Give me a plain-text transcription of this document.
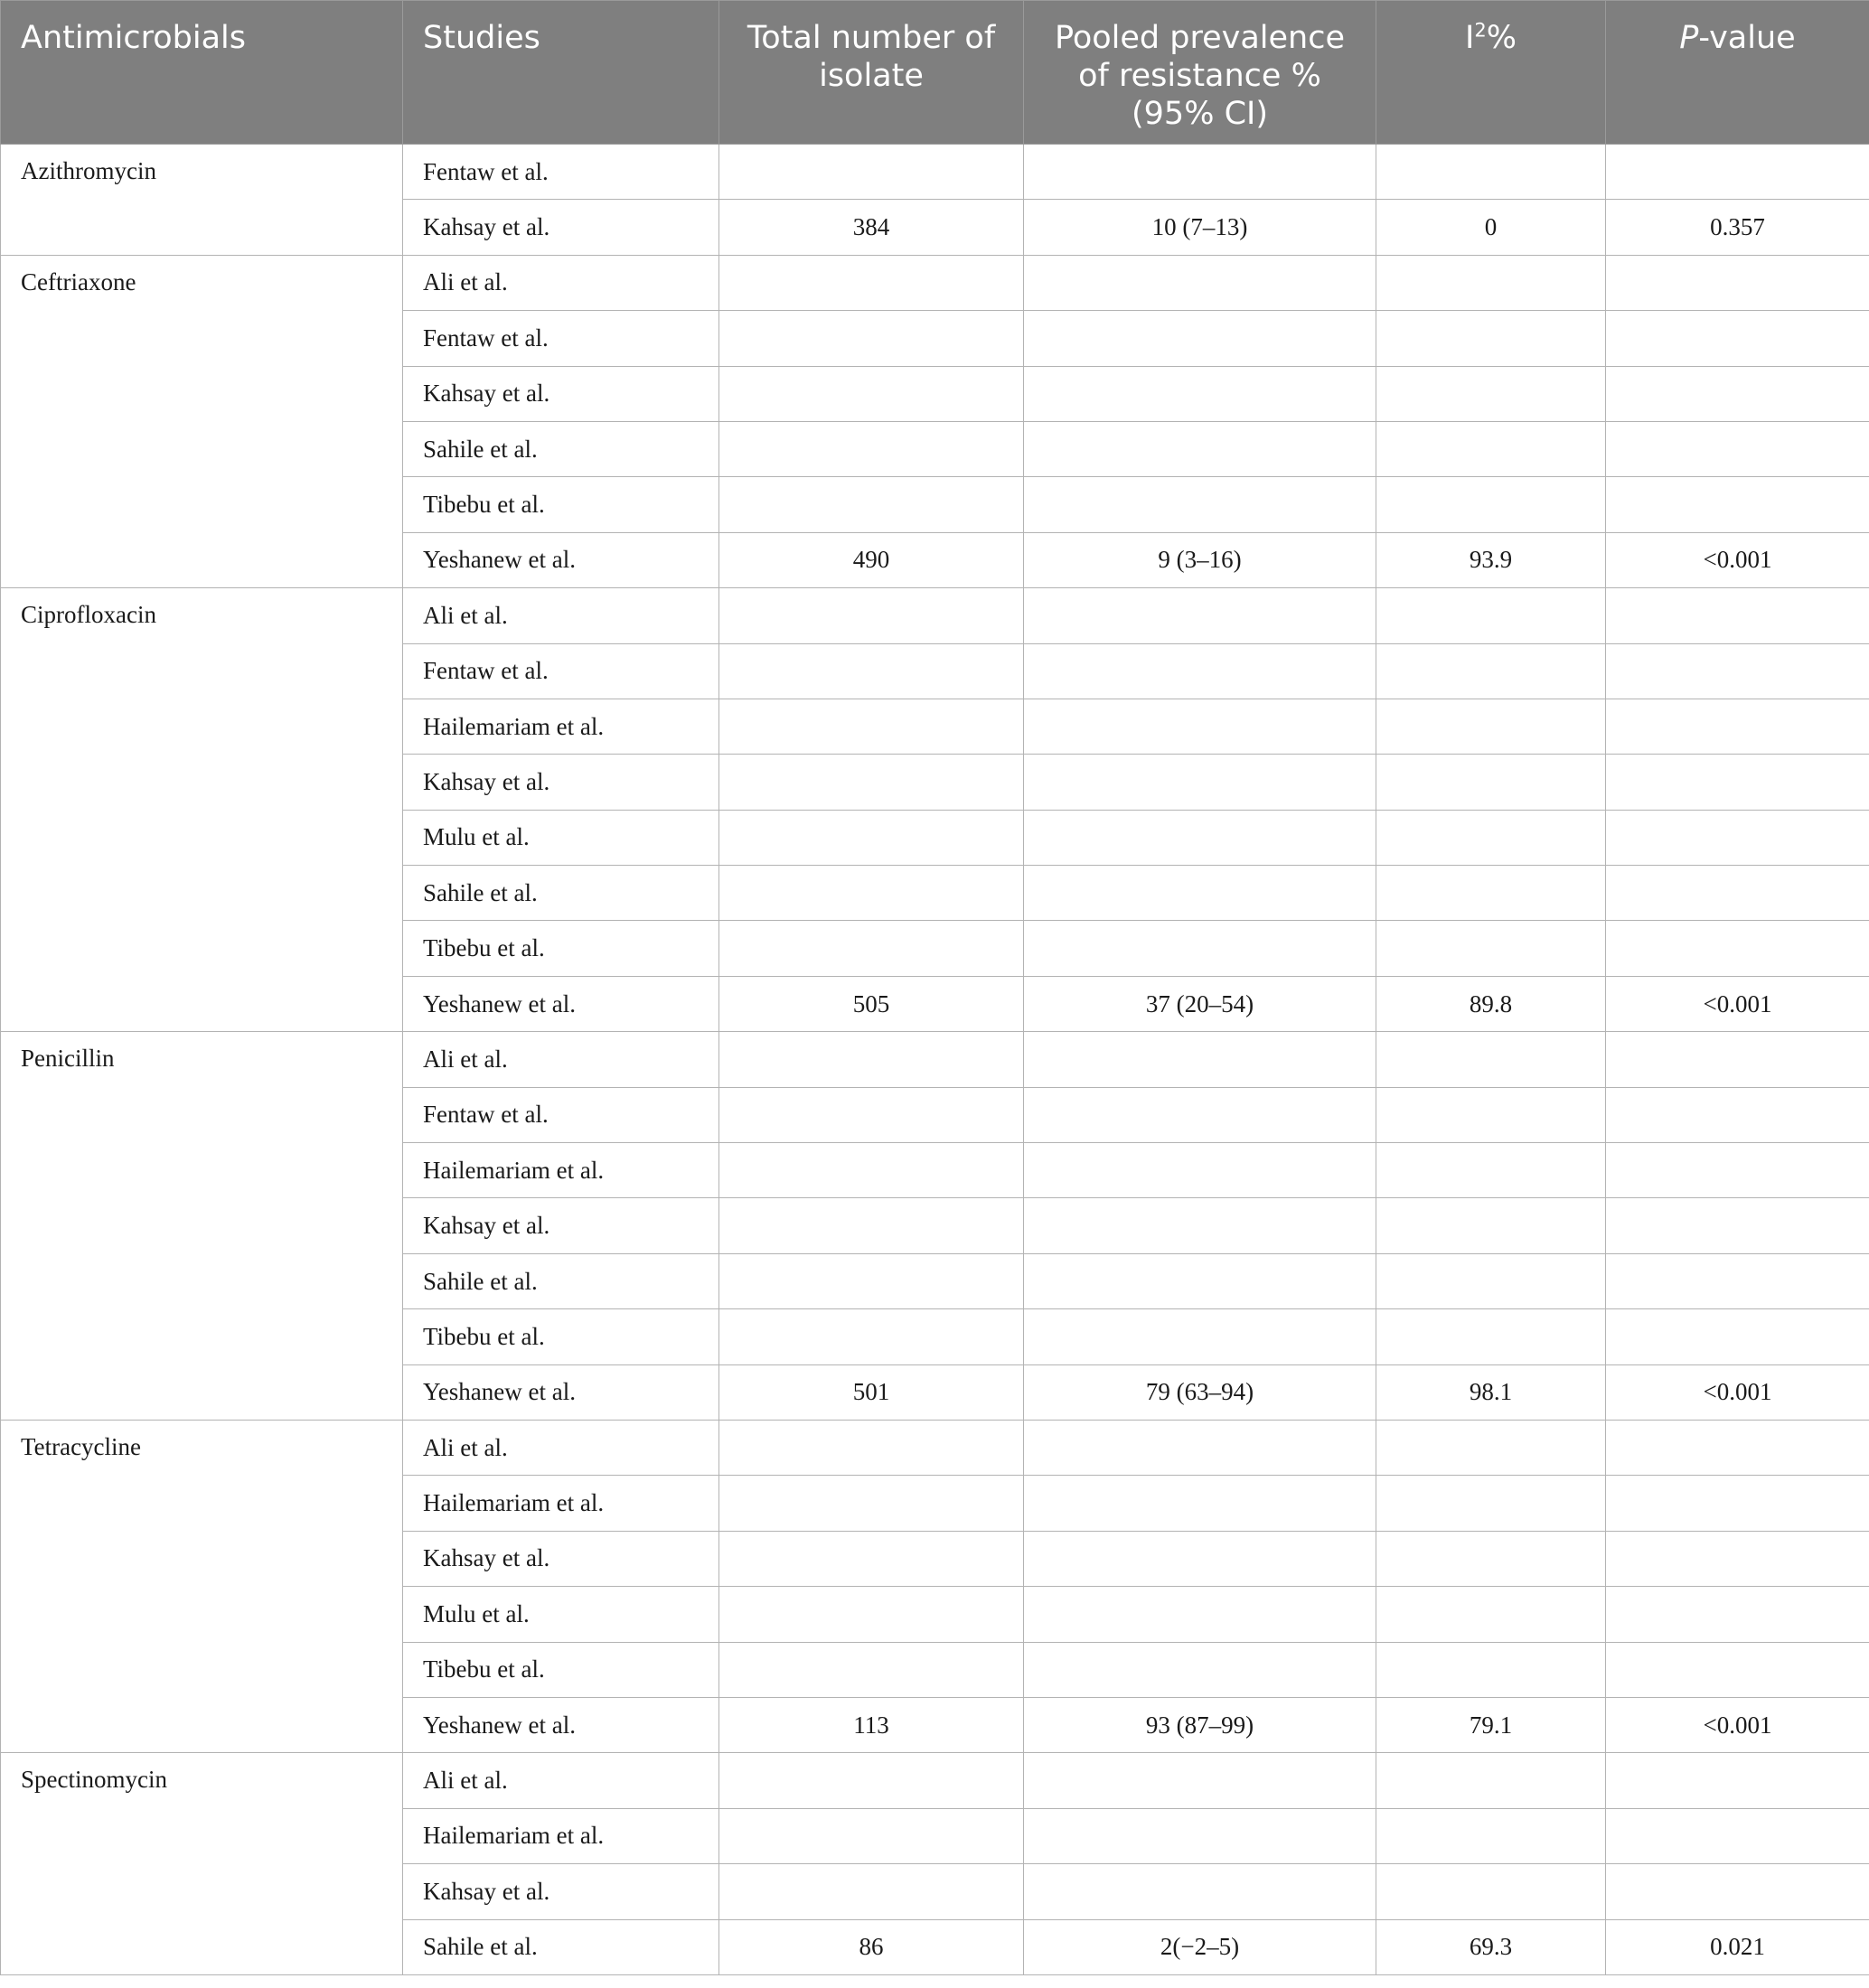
Antimicrobials	Studies	Total number of isolate	Pooled prevalence of resistance %(95% CI)	$I^2\%$	P-value
Azithromycin	Fentaw et al.				
	Kahsay et al.	384	10 (7–13)	0	0.357
Ceftriaxone	Ali et al.				
	Fentaw et al.				
	Kahsay et al.				
	Sahile et al.				
	Tibebu et al.				
	Yeshanew et al.	490	9 (3–16)	93.9	<0.001
Ciprofloxacin	Ali et al.				
	Fentaw et al.				
	Hailemariam et al.				
	Kahsay et al.				
	Mulu et al.				
	Sahile et al.				
	Tibebu et al.				
	Yeshanew et al.	505	37 (20–54)	89.8	<0.001
Penicillin	Ali et al.				
	Fentaw et al.				
	Hailemariam et al.				
	Kahsay et al.				
	Sahile et al.				
	Tibebu et al.				
	Yeshanew et al.	501	79 (63–94)	98.1	<0.001
Tetracycline	Ali et al.				
	Hailemariam et al.				
	Kahsay et al.				
	Mulu et al.				
	Tibebu et al.				
	Yeshanew et al.	113	93 (87–99)	79.1	<0.001
Spectinomycin	Ali et al.				
	Hailemariam et al.				
	Kahsay et al.				
	Sahile et al.	86	2(−2–5)	69.3	0.021
